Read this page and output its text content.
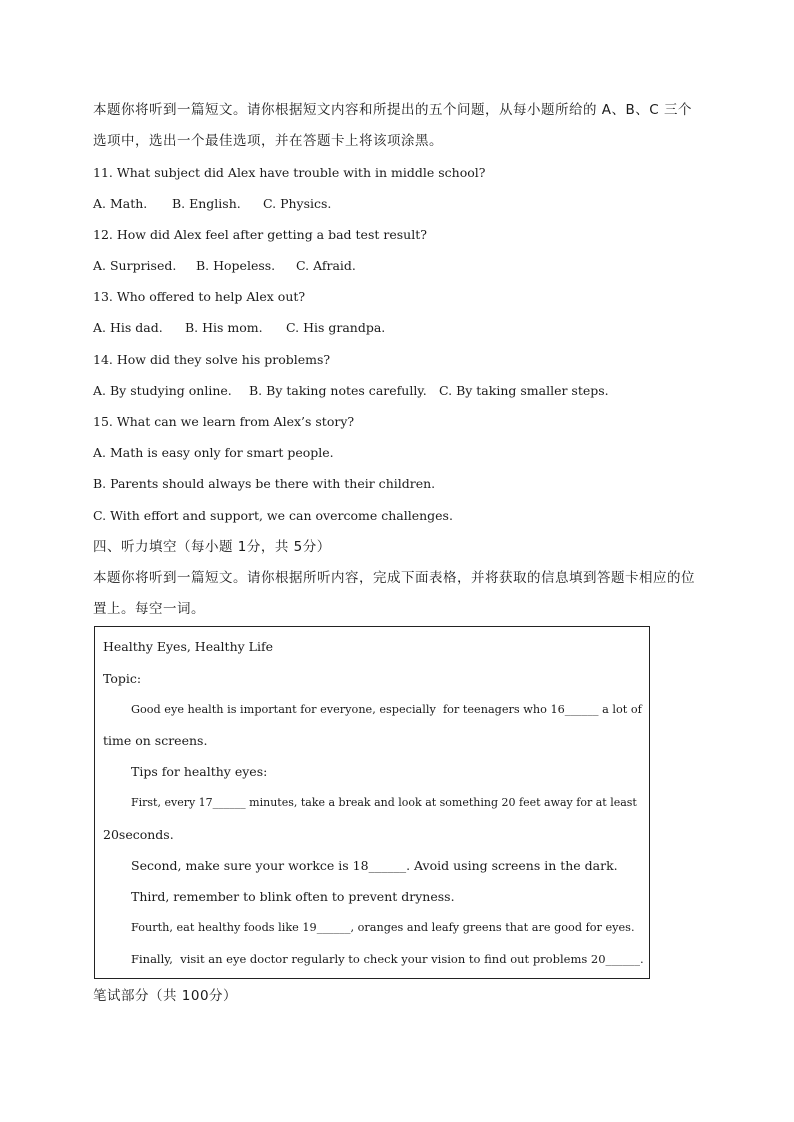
本题你将听到一篇短文。请你根据短文内容和所提出的五个问题，从每小题所给的 A、B、C 三个
选项中，选出一个最佳选项，并在答题卡上将该项涂黑。
11. What subject did Alex have trouble with in middle school?
A. Math. B. English. C. Physics.
12. How did Alex feel after getting a bad test result?
A. Surprised. B. Hopeless. C. Afraid.
13. Who offered to help Alex out?
A. His dad. B. His mom. C. His grandpa.
14. How did they solve his problems?
A. By studying online. B. By taking notes carefully. C. By taking smaller steps.
15. What can we learn from Alex’s story?
A. Math is easy only for smart people.
B. Parents should always be there with their children.
C. With effort and support, we can overcome challenges.
四、听力填空（每小题 1分，共 5分）
本题你将听到一篇短文。请你根据所听内容，完成下面表格，并将获取的信息填到答题卡相应的位
置上。每空一词。
Healthy Eyes, Healthy Life
Topic:
Good eye health is important for everyone, especially  for teenagers who 16______ a lot of
time on screens.
Tips for healthy eyes:
First, every 17______ minutes, take a break and look at something 20 feet away for at least
20seconds.
Second, make sure your workce is 18______. Avoid using screens in the dark.
Third, remember to blink often to prevent dryness.
Fourth, eat healthy foods like 19______, oranges and leafy greens that are good for eyes.
Finally,  visit an eye doctor regularly to check your vision to find out problems 20______.
笔试部分（共 100分）
